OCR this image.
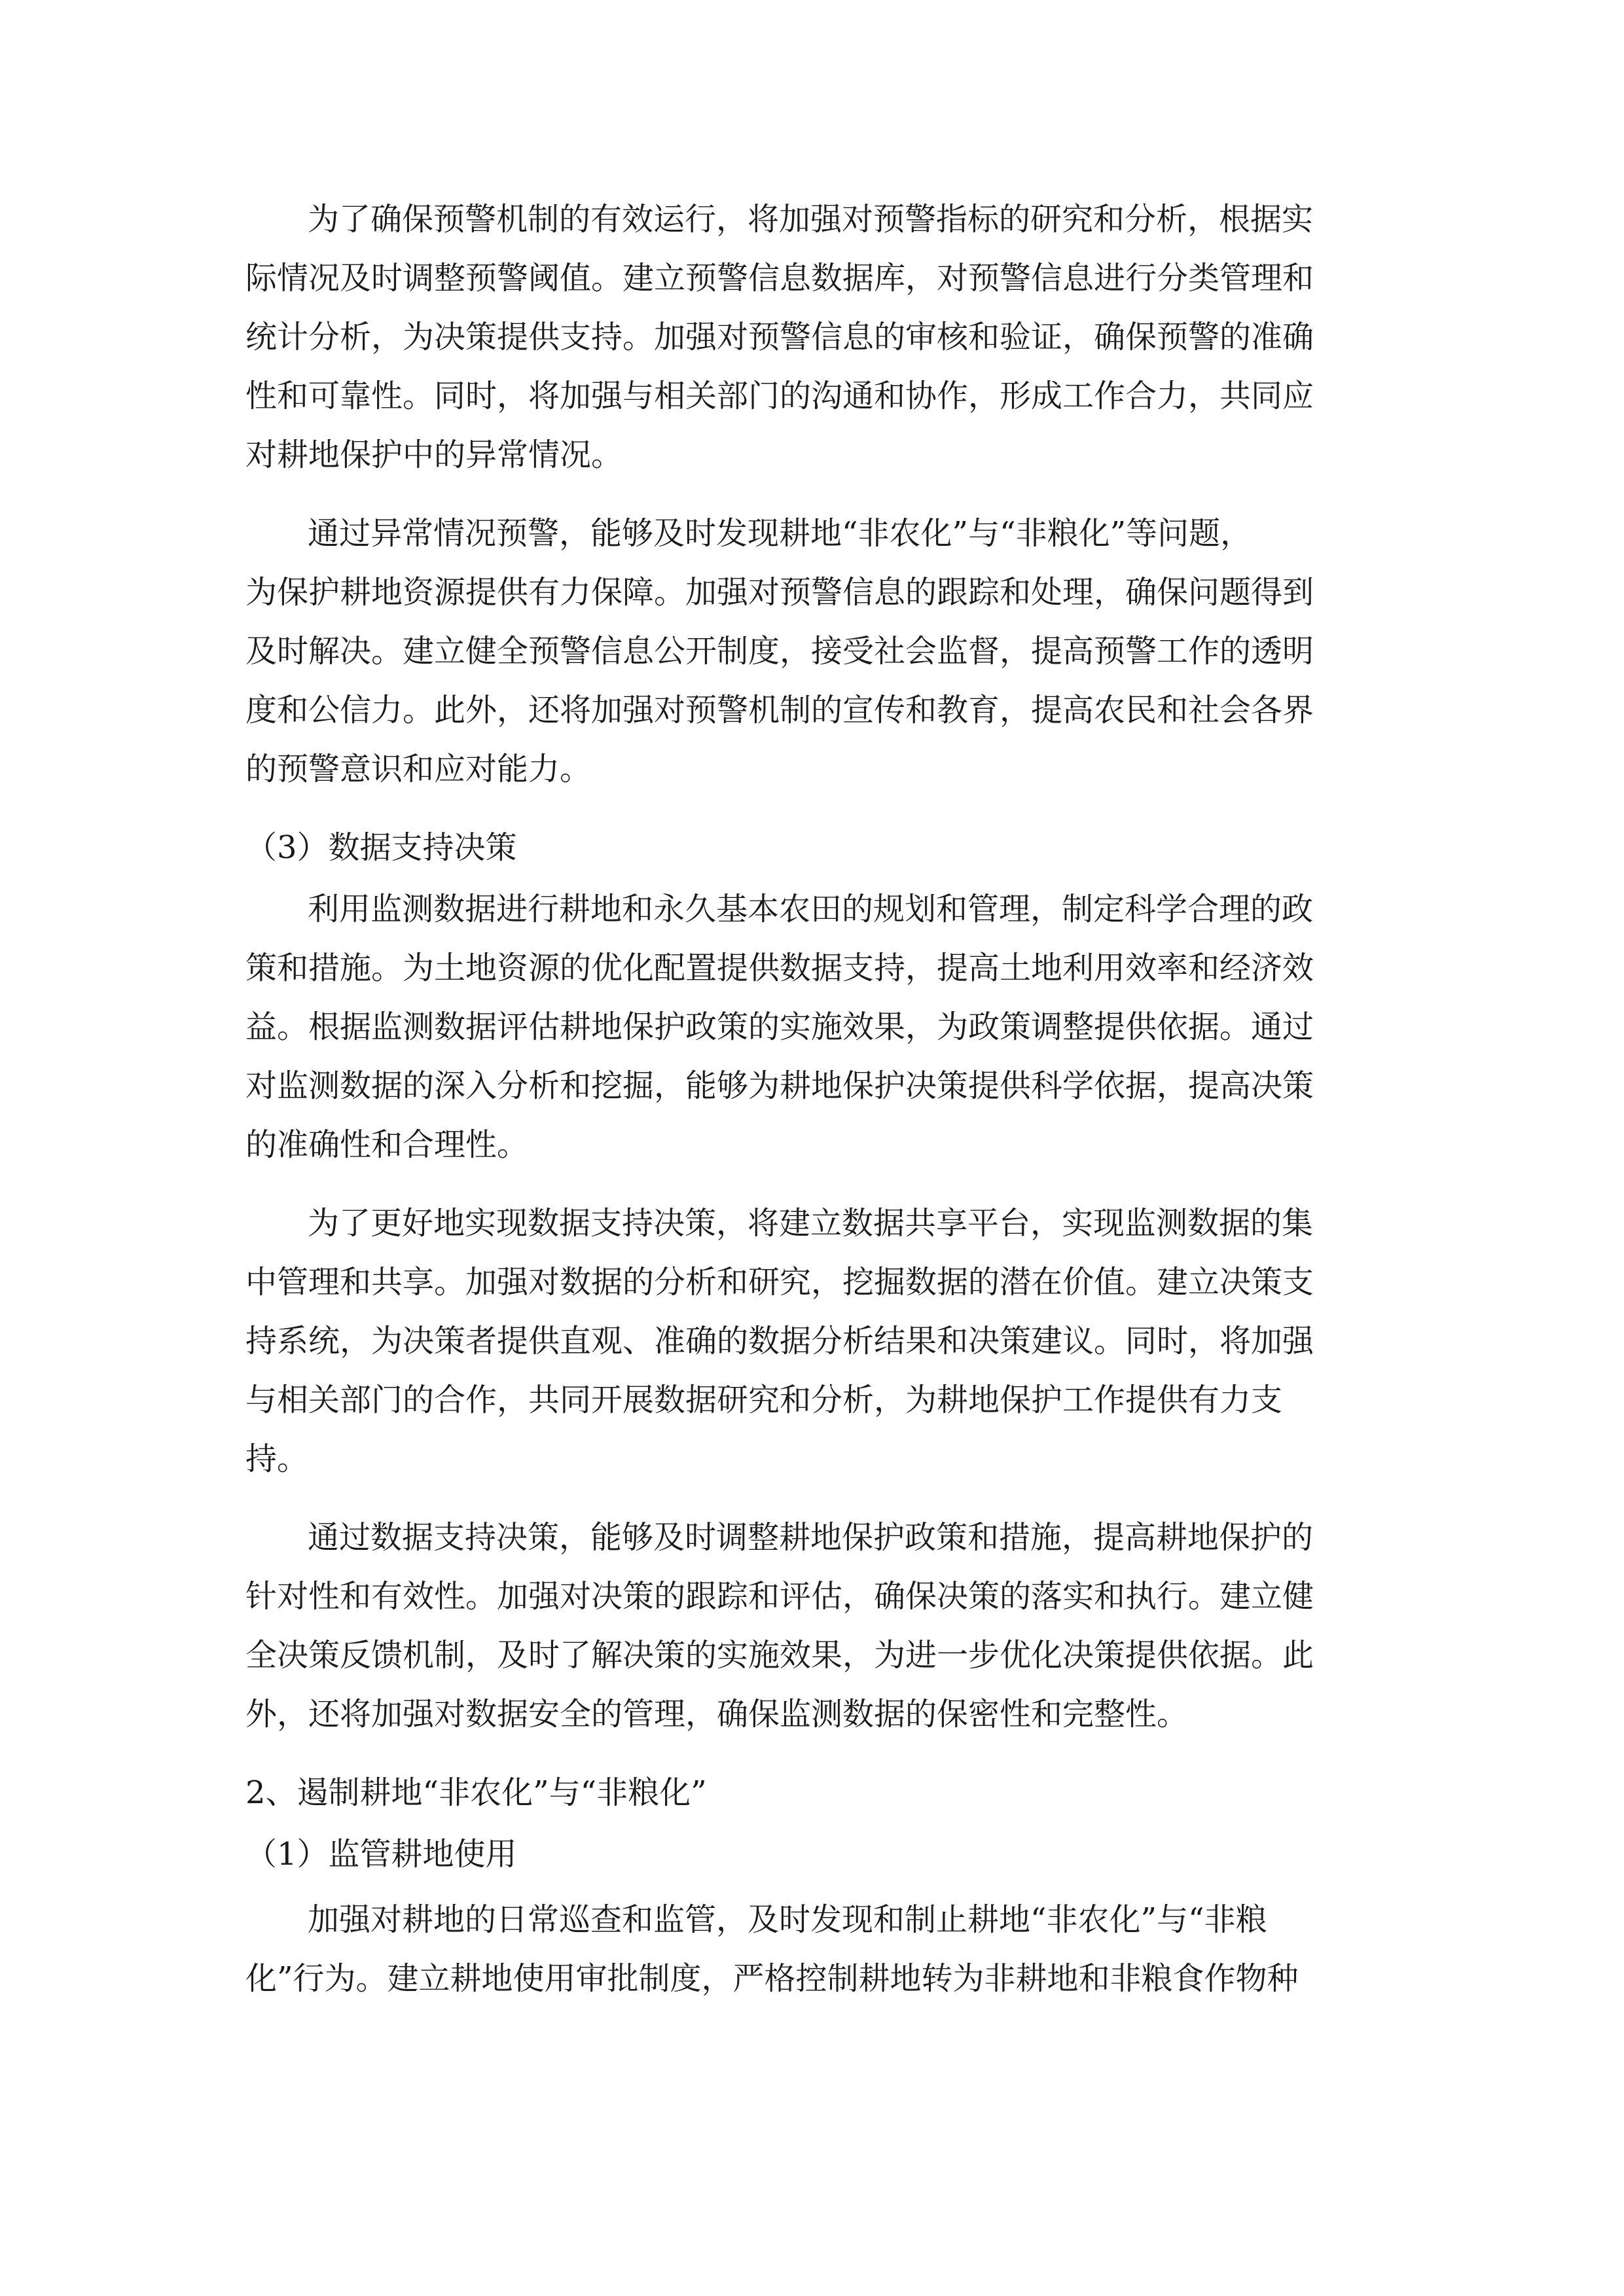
为了确保预警机制的有效运行，将加强对预警指标的研究和分析，根据实
际情况及时调整预警阈值。建立预警信息数据库，对预警信息进行分类管理和
统计分析，为决策提供支持。加强对预警信息的审核和验证，确保预警的准确
性和可靠性。同时，将加强与相关部门的沟通和协作，形成工作合力，共同应
对耕地保护中的异常情况。
通过异常情况预警，能够及时发现耕地“非农化”与“非粮化”等问题，
为保护耕地资源提供有力保障。加强对预警信息的跟踪和处理，确保问题得到
及时解决。建立健全预警信息公开制度，接受社会监督，提高预警工作的透明
度和公信力。此外，还将加强对预警机制的宣传和教育，提高农民和社会各界
的预警意识和应对能力。
（3）数据支持决策
利用监测数据进行耕地和永久基本农田的规划和管理，制定科学合理的政
策和措施。为土地资源的优化配置提供数据支持，提高土地利用效率和经济效
益。根据监测数据评估耕地保护政策的实施效果，为政策调整提供依据。通过
对监测数据的深入分析和挖掘，能够为耕地保护决策提供科学依据，提高决策
的准确性和合理性。
为了更好地实现数据支持决策，将建立数据共享平台，实现监测数据的集
中管理和共享。加强对数据的分析和研究，挖掘数据的潜在价值。建立决策支
持系统，为决策者提供直观、准确的数据分析结果和决策建议。同时，将加强
与相关部门的合作，共同开展数据研究和分析，为耕地保护工作提供有力支
持。
通过数据支持决策，能够及时调整耕地保护政策和措施，提高耕地保护的
针对性和有效性。加强对决策的跟踪和评估，确保决策的落实和执行。建立健
全决策反馈机制，及时了解决策的实施效果，为进一步优化决策提供依据。此
外，还将加强对数据安全的管理，确保监测数据的保密性和完整性。
2、遏制耕地“非农化”与“非粮化”
（1）监管耕地使用
加强对耕地的日常巡查和监管，及时发现和制止耕地“非农化”与“非粮
化”行为。建立耕地使用审批制度，严格控制耕地转为非耕地和非粮食作物种
